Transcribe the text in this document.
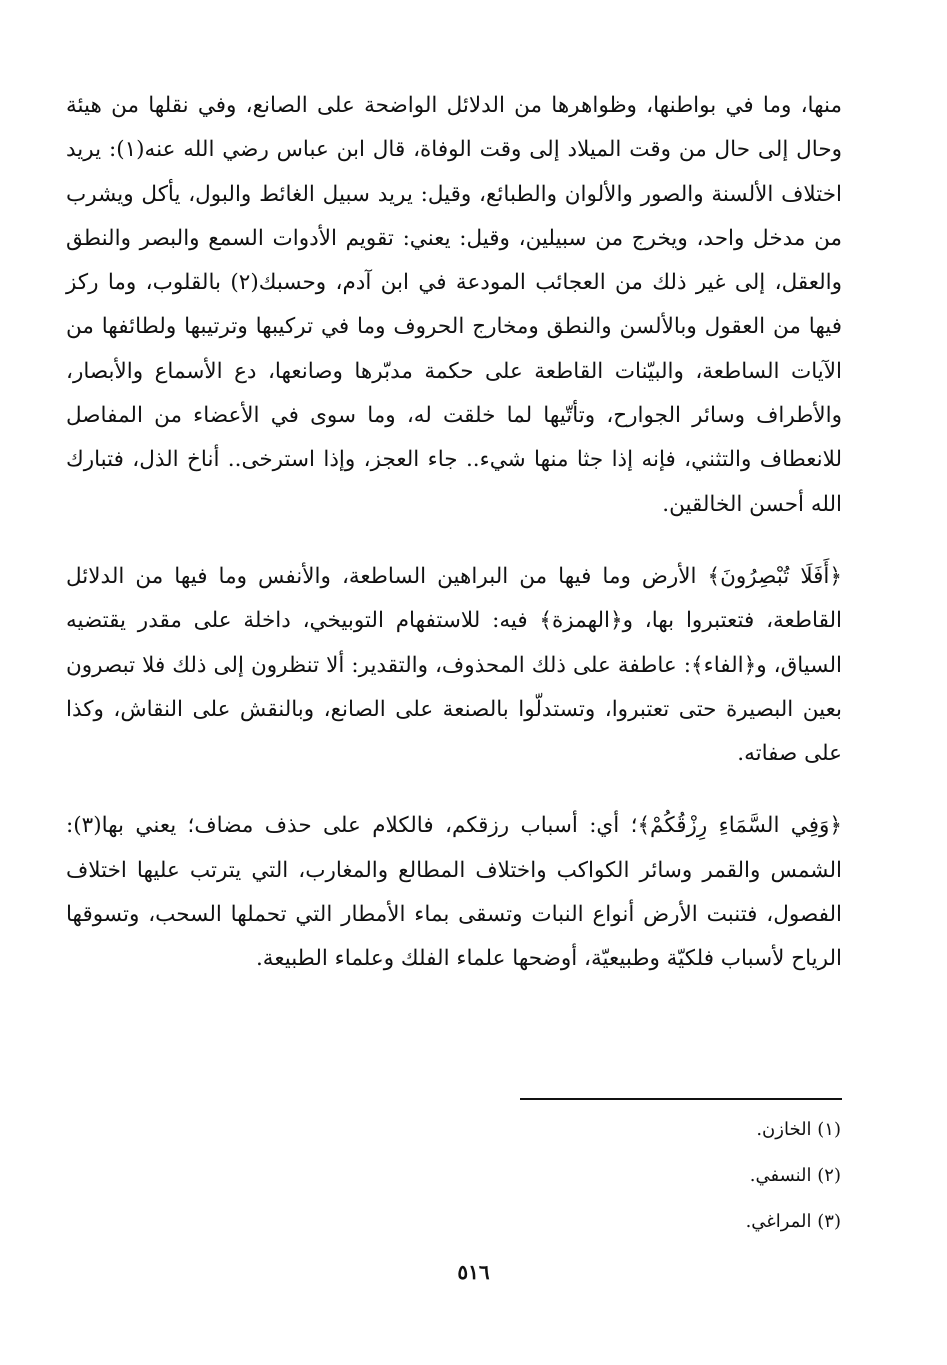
منها، وما في بواطنها، وظواهرها من الدلائل الواضحة على الصانع، وفي نقلها من هيئة وحال إلى حال من وقت الميلاد إلى وقت الوفاة، قال ابن عباس رضي الله عنه(١): يريد اختلاف الألسنة والصور والألوان والطبائع، وقيل: يريد سبيل الغائط والبول، يأكل ويشرب من مدخل واحد، ويخرج من سبيلين، وقيل: يعني: تقويم الأدوات السمع والبصر والنطق والعقل، إلى غير ذلك من العجائب المودعة في ابن آدم، وحسبك(٢) بالقلوب، وما ركز فيها من العقول وبالألسن والنطق ومخارج الحروف وما في تركيبها وترتيبها ولطائفها من الآيات الساطعة، والبيّنات القاطعة على حكمة مدبّرها وصانعها، دع الأسماع والأبصار، والأطراف وسائر الجوارح، وتأتّيها لما خلقت له، وما سوى في الأعضاء من المفاصل للانعطاف والتثني، فإنه إذا جثا منها شيء.. جاء العجز، وإذا استرخى.. أناخ الذل، فتبارك الله أحسن الخالقين.

﴿أَفَلَا تُبْصِرُونَ﴾ الأرض وما فيها من البراهين الساطعة، والأنفس وما فيها من الدلائل القاطعة، فتعتبروا بها، و﴿الهمزة﴾ فيه: للاستفهام التوبيخي، داخلة على مقدر يقتضيه السياق، و﴿الفاء﴾: عاطفة على ذلك المحذوف، والتقدير: ألا تنظرون إلى ذلك فلا تبصرون بعين البصيرة حتى تعتبروا، وتستدلّوا بالصنعة على الصانع، وبالنقش على النقاش، وكذا على صفاته.

﴿وَفِي السَّمَاءِ رِزْقُكُمْ﴾؛ أي: أسباب رزقكم، فالكلام على حذف مضاف؛ يعني بها(٣): الشمس والقمر وسائر الكواكب واختلاف المطالع والمغارب، التي يترتب عليها اختلاف الفصول، فتنبت الأرض أنواع النبات وتسقى بماء الأمطار التي تحملها السحب، وتسوقها الرياح لأسباب فلكيّة وطبيعيّة، أوضحها علماء الفلك وعلماء الطبيعة.

(١) الخازن.

(٢) النسفي.

(٣) المراغي.

٥١٦
